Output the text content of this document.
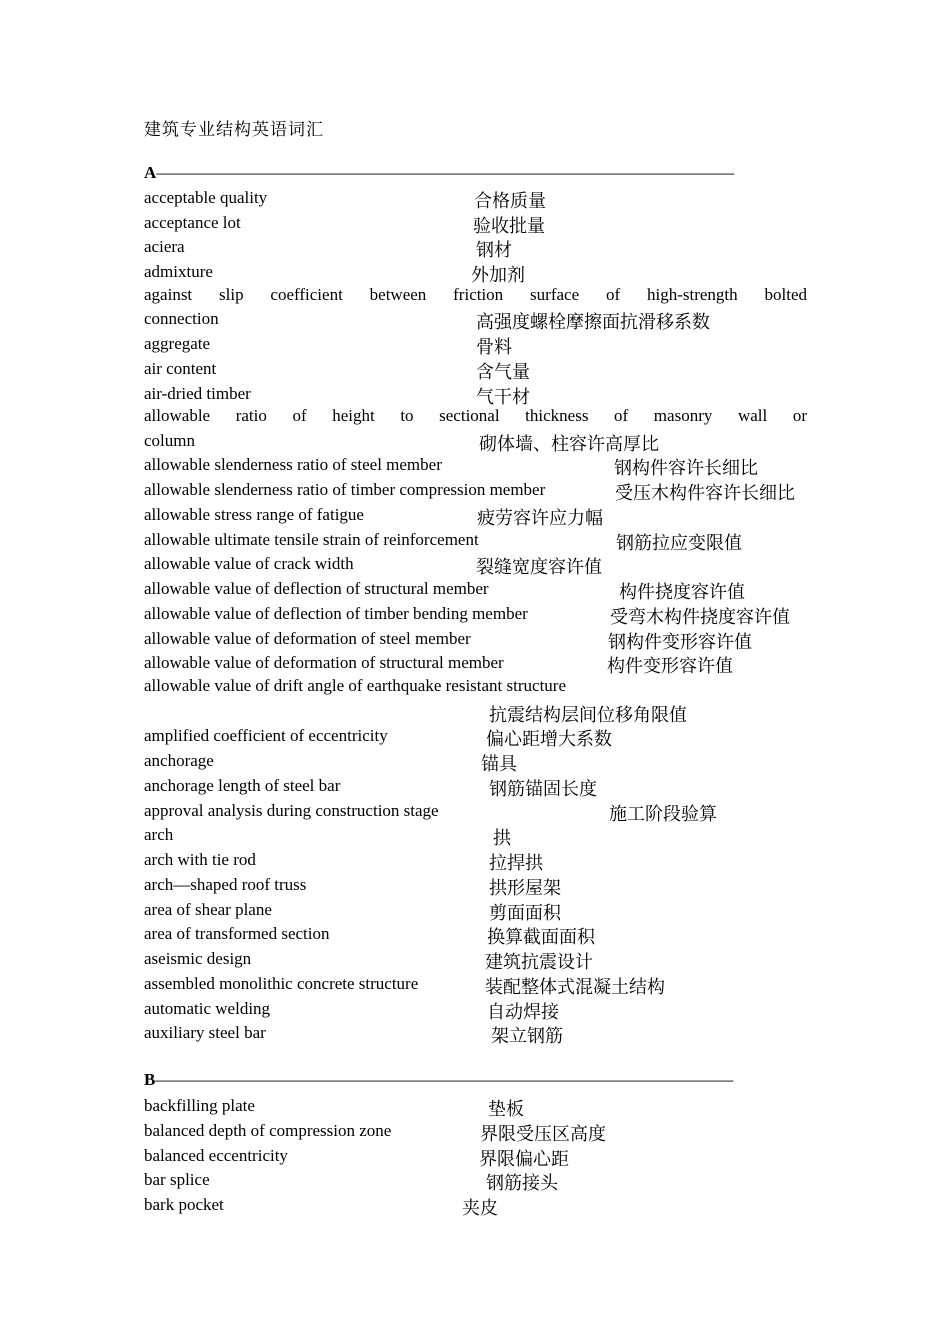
建筑专业结构英语词汇
A———————————————————————————————————
acceptable quality	合格质量
acceptance lot	验收批量
aciera	钢材
admixture	外加剂
against slip coefficient between friction surface of high-strength bolted
connection	高强度螺栓摩擦面抗滑移系数
aggregate	骨料
air content	含气量
air-dried timber	气干材
allowable ratio of height to sectional thickness of masonry wall or
column	砌体墙、柱容许高厚比
allowable slenderness ratio of steel member	钢构件容许长细比
allowable slenderness ratio of timber compression member	受压木构件容许长细比
allowable stress range of fatigue	疲劳容许应力幅
allowable ultimate tensile strain of reinforcement	钢筋拉应变限值
allowable value of crack width	裂缝宽度容许值
allowable value of deflection of structural member	构件挠度容许值
allowable value of deflection of timber bending member	受弯木构件挠度容许值
allowable value of deformation of steel member	钢构件变形容许值
allowable value of deformation of structural member	构件变形容许值
allowable value of drift angle of earthquake resistant structure
抗震结构层间位移角限值
amplified coefficient of eccentricity	偏心距增大系数
anchorage	锚具
anchorage length of steel bar	钢筋锚固长度
approval analysis during construction stage	施工阶段验算
arch	拱
arch with tie rod	拉捍拱
arch—shaped roof truss	拱形屋架
area of shear plane	剪面面积
area of transformed section	换算截面面积
aseismic design	建筑抗震设计
assembled monolithic concrete structure	装配整体式混凝土结构
automatic welding	自动焊接
auxiliary steel bar	架立钢筋
B———————————————————————————————————
backfilling plate	垫板
balanced depth of compression zone	界限受压区高度
balanced eccentricity	界限偏心距
bar splice	钢筋接头
bark pocket	夹皮
